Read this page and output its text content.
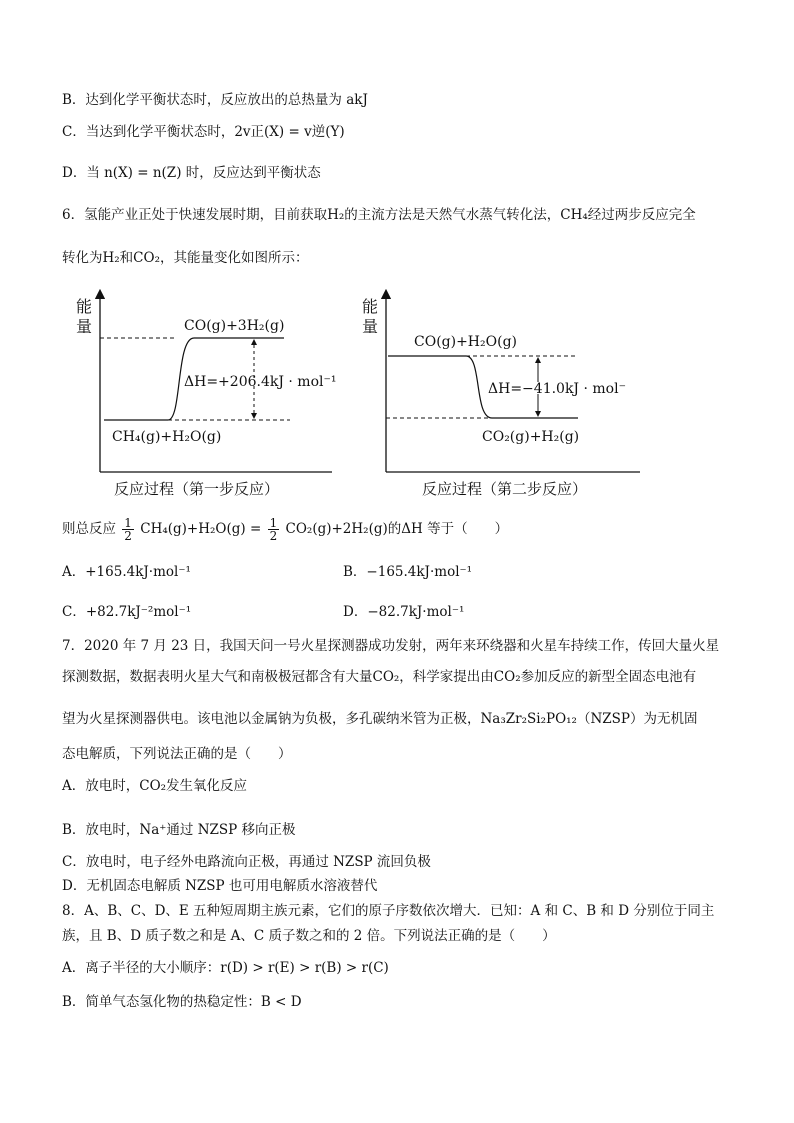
B．达到化学平衡状态时，反应放出的总热量为 akJ
C．当达到化学平衡状态时，2v正(X) = v逆(Y)
D．当 n(X) = n(Z) 时，反应达到平衡状态
6．氢能产业正处于快速发展时期，目前获取H₂的主流方法是天然气水蒸气转化法，CH₄经过两步反应完全
转化为H₂和CO₂，其能量变化如图所示：
能
量	CO(g)+3H₂(g)
ΔH=+206.4kJ · mol⁻¹
CH₄(g)+H₂O(g)
反应过程（第一步反应）
能
量
CO(g)+H₂O(g)
ΔH=−41.0kJ · mol⁻
CO₂(g)+H₂(g)
反应过程（第二步反应）
则总反应 $\frac{1}{2} CH_4(g)+H_2O(g) = \frac{1}{2} CO_2(g)+2H_2(g)$的ΔH 等于（　　）
A．+165.4kJ·mol⁻¹	B．−165.4kJ·mol⁻¹
C．+82.7kJ⁻²mol⁻¹	D．−82.7kJ·mol⁻¹
7．2020 年 7 月 23 日，我国天问一号火星探测器成功发射，两年来环绕器和火星车持续工作，传回大量火星
探测数据，数据表明火星大气和南极极冠都含有大量CO₂，科学家提出由CO₂参加反应的新型全固态电池有
望为火星探测器供电。该电池以金属钠为负极，多孔碳纳米管为正极，Na₃Zr₂Si₂PO₁₂（NZSP）为无机固
态电解质，下列说法正确的是（　　）
A．放电时，CO₂发生氧化反应
B．放电时，Na⁺通过 NZSP 移向正极
C．放电时，电子经外电路流向正极，再通过 NZSP 流回负极
D．无机固态电解质 NZSP 也可用电解质水溶液替代
8．A、B、C、D、E 五种短周期主族元素，它们的原子序数依次增大．已知：A 和 C、B 和 D 分别位于同主
族，且 B、D 质子数之和是 A、C 质子数之和的 2 倍。下列说法正确的是（　　）
A．离子半径的大小顺序：r(D) > r(E) > r(B) > r(C)
B．简单气态氢化物的热稳定性：B < D
